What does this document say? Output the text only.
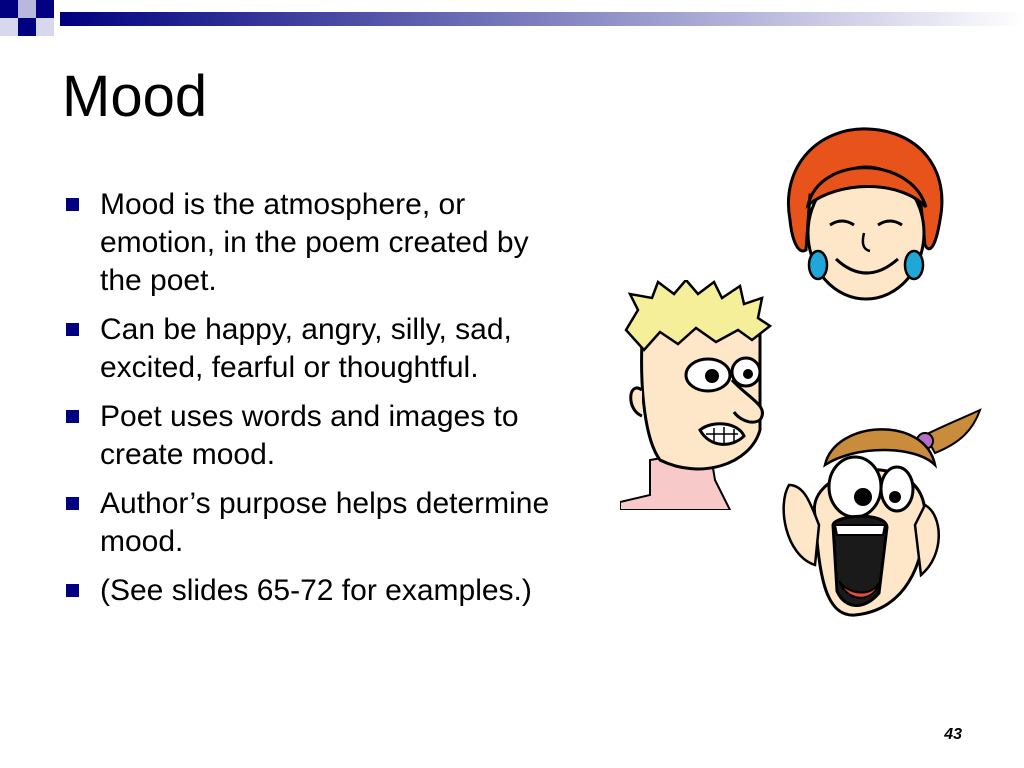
Mood
Mood is the atmosphere, or emotion, in the poem created by the poet.
Can be happy, angry, silly, sad, excited, fearful or thoughtful.
Poet uses words and images to create mood.
Author’s purpose helps determine mood.
(See slides 65-72 for examples.)
43
